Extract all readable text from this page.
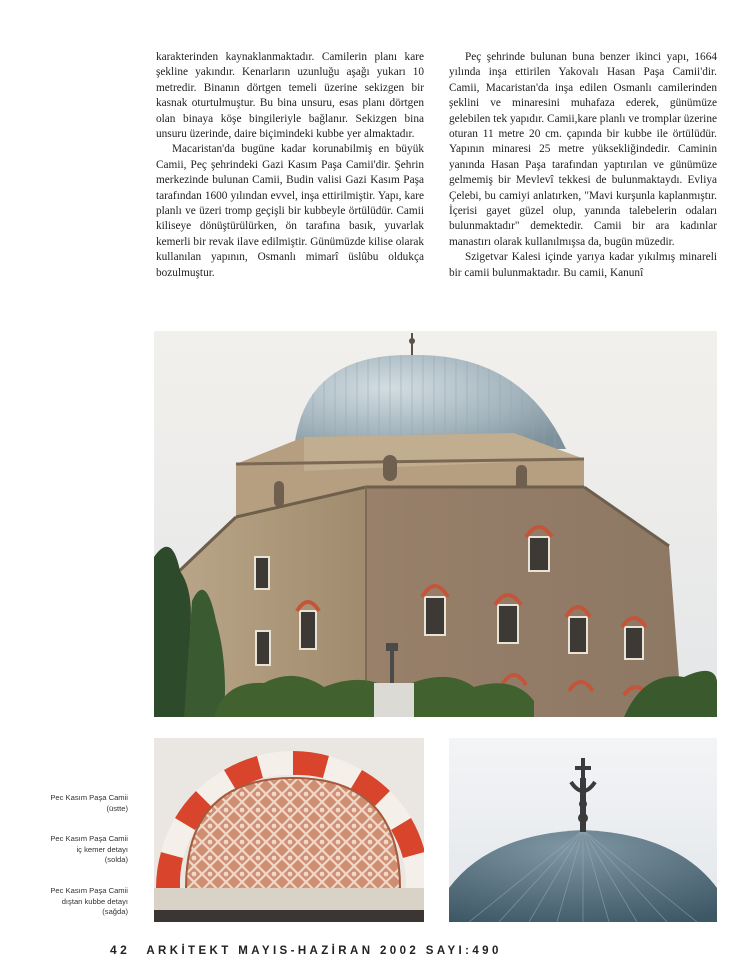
karakterinden kaynaklanmaktadır. Camilerin planı kare şekline yakındır. Kenarların uzunluğu aşağı yukarı 10 metredir. Binanın dörtgen temeli üzerine sekizgen bir kasnak oturtulmuştur. Bu bina unsuru, esas planı dörtgen olan binaya köşe bingileriyle bağlanır. Sekizgen bina unsuru üzerinde, daire biçimindeki kubbe yer almaktadır.

Macaristan'da bugüne kadar korunabilmiş en büyük Camii, Peç şehrindeki Gazi Kasım Paşa Camii'dir. Şehrin merkezinde bulunan Camii, Budin valisi Gazi Kasım Paşa tarafından 1600 yılından evvel, inşa ettirilmiştir. Yapı, kare planlı ve üzeri tromp geçişli bir kubbeyle örtülüdür. Camii kiliseye dönüştürülürken, ön tarafına basık, yuvarlak kemerli bir revak ilave edilmiştir. Günümüzde kilise olarak kullanılan yapının, Osmanlı mimarî üslûbu oldukça bozulmuştur.

Peç şehrinde bulunan buna benzer ikinci yapı, 1664 yılında inşa ettirilen Yakovalı Hasan Paşa Camii'dir. Camii, Macaristan'da inşa edilen Osmanlı camilerinden şeklini ve minaresini muhafaza ederek, günümüze gelebilen tek yapıdır. Camii,kare planlı ve tromplar üzerine oturan 11 metre 20 cm. çapında bir kubbe ile örtülüdür. Yapının minaresi 25 metre yüksekliğindedir. Caminin yanında Hasan Paşa tarafından yaptırılan ve günümüze gelmemiş bir Mevlevî tekkesi de bulunmaktaydı. Evliya Çelebi, bu camiyi anlatırken, "Mavi kurşunla kaplanmıştır. İçerisi gayet güzel olup, yanında talebelerin odaları bulunmaktadır" demektedir. Camii bir ara kadınlar manastırı olarak kullanılmışsa da, bugün müzedir.

Szigetvar Kalesi içinde yarıya kadar yıkılmış minareli bir camii bulunmaktadır. Bu camii, Kanunî

Pec Kasım Paşa Camii
(üstte)
Pec Kasım Paşa Camii
iç kemer detayı
(solda)
Pec Kasım Paşa Camii
dıştan kubbe detayı
(sağda)
42 ARKİTEKT MAYIS-HAZİRAN 2002 SAYI:490
